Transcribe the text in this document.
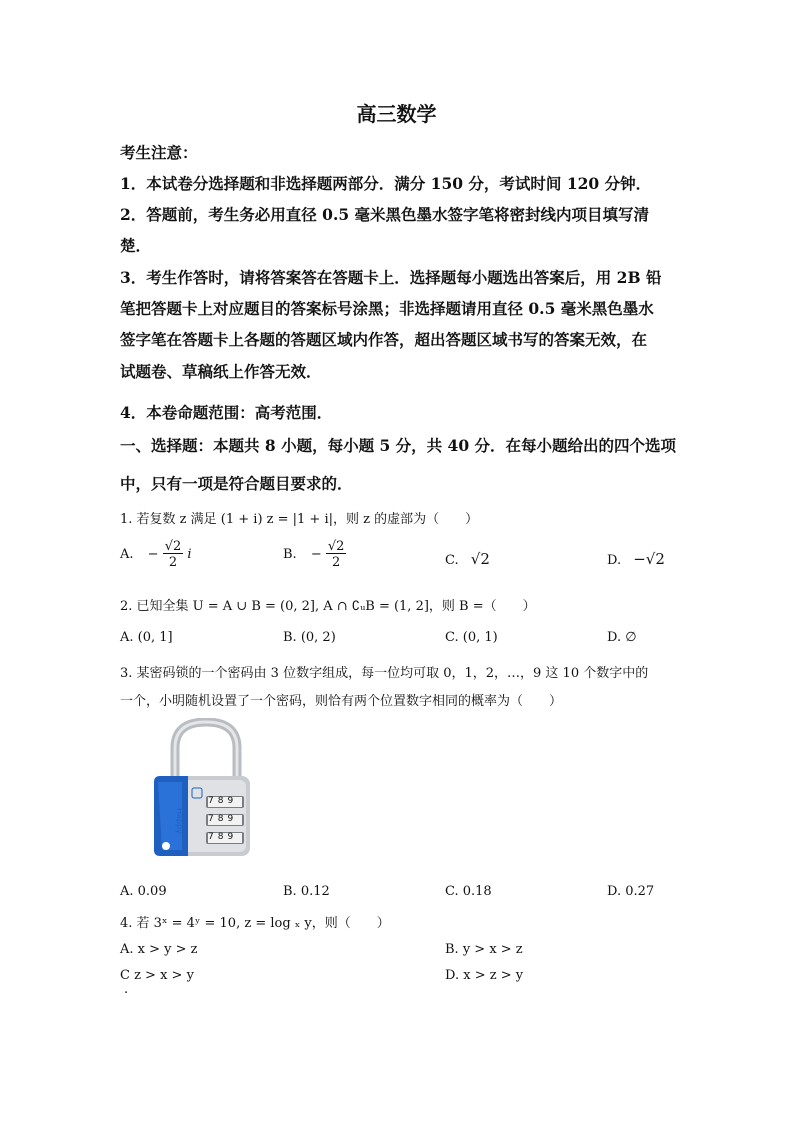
高三数学
考生注意：
1．本试卷分选择题和非选择题两部分．满分 150 分，考试时间 120 分钟．
2．答题前，考生务必用直径 0.5 毫米黑色墨水签字笔将密封线内项目填写清
楚．
3．考生作答时，请将答案答在答题卡上．选择题每小题选出答案后，用 2B 铅
笔把答题卡上对应题目的答案标号涂黑；非选择题请用直径 0.5 毫米黑色墨水
签字笔在答题卡上各题的答题区域内作答，超出答题区域书写的答案无效，在
试题卷、草稿纸上作答无效．
4．本卷命题范围：高考范围．
一、选择题：本题共 8 小题，每小题 5 分，共 40 分．在每小题给出的四个选项
中，只有一项是符合题目要求的．
1. 若复数 z 满足 (1 + i) z = |1 + i|，则 z 的虚部为（　　）
A. − $\frac{√2}{2}$ i	B. − $\frac{√2}{2}$	C. √2	D. −√2
2. 已知全集 U = A ∪ B = (0, 2], A ∩ ∁ᵤB = (1, 2]，则 B =（　　）
A. (0, 1]	B. (0, 2)	C. (0, 1)	D. ∅
3. 某密码锁的一个密码由 3 位数字组成，每一位均可取 0，1，2，…，9 这 10 个数字中的
一个，小明随机设置了一个密码，则恰有两个位置数字相同的概率为（　　）
789
789
789
Happy
A. 0.09	B. 0.12	C. 0.18	D. 0.27
4. 若 3ˣ = 4ʸ = 10, z = log ₓ y，则（　　）
A. x > y > z	B. y > x > z
C z > x > y	D. x > z > y
.
